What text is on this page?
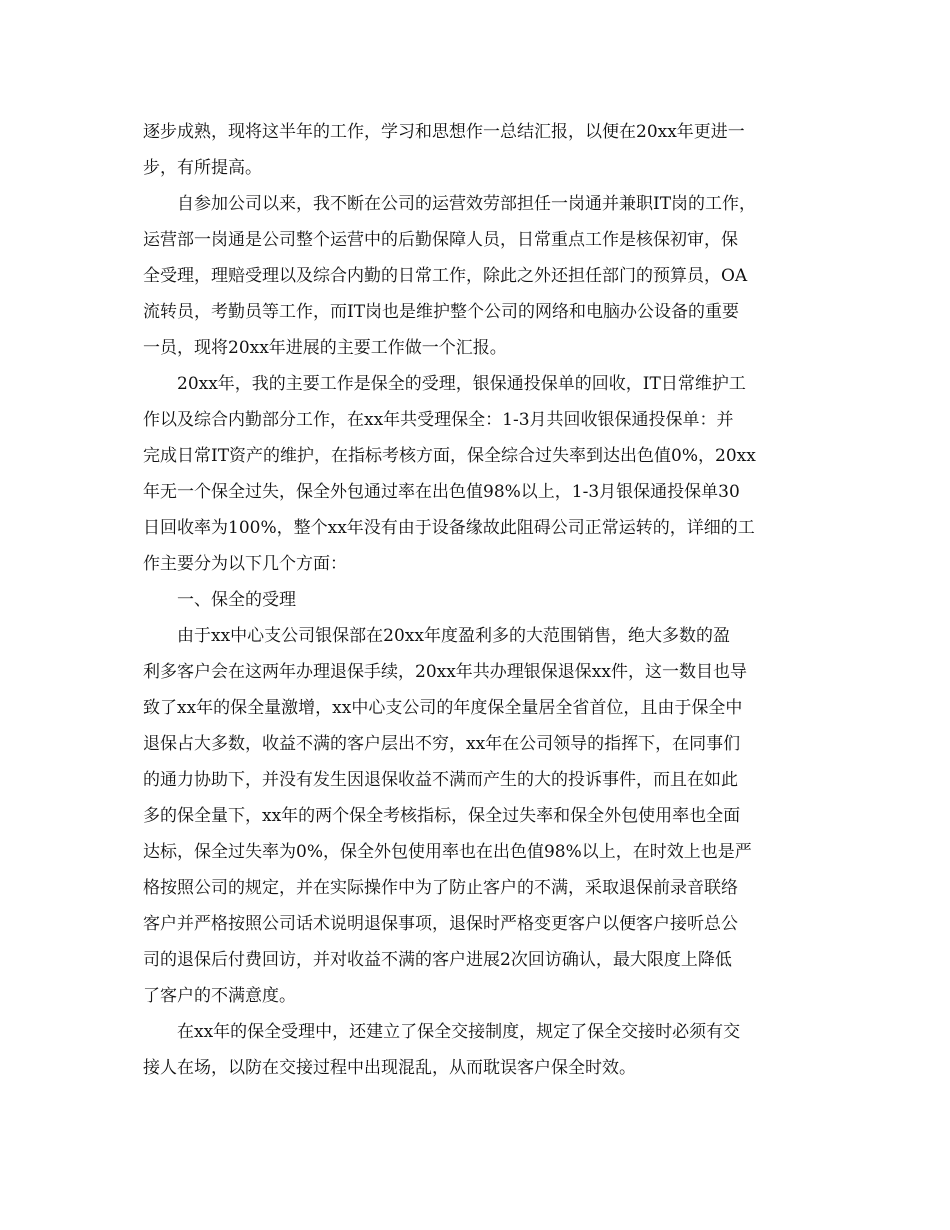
逐步成熟，现将这半年的工作，学习和思想作一总结汇报，以便在20xx年更进一
步，有所提高。
自参加公司以来，我不断在公司的运营效劳部担任一岗通并兼职IT岗的工作，
运营部一岗通是公司整个运营中的后勤保障人员，日常重点工作是核保初审，保
全受理，理赔受理以及综合内勤的日常工作，除此之外还担任部门的预算员，OA
流转员，考勤员等工作，而IT岗也是维护整个公司的网络和电脑办公设备的重要
一员，现将20xx年进展的主要工作做一个汇报。
20xx年，我的主要工作是保全的受理，银保通投保单的回收，IT日常维护工
作以及综合内勤部分工作，在xx年共受理保全：1-3月共回收银保通投保单：并
完成日常IT资产的维护，在指标考核方面，保全综合过失率到达出色值0%，20xx
年无一个保全过失，保全外包通过率在出色值98%以上，1-3月银保通投保单30
日回收率为100%，整个xx年没有由于设备缘故此阻碍公司正常运转的，详细的工
作主要分为以下几个方面：
一、保全的受理
由于xx中心支公司银保部在20xx年度盈利多的大范围销售，绝大多数的盈
利多客户会在这两年办理退保手续，20xx年共办理银保退保xx件，这一数目也导
致了xx年的保全量激增，xx中心支公司的年度保全量居全省首位，且由于保全中
退保占大多数，收益不满的客户层出不穷，xx年在公司领导的指挥下，在同事们
的通力协助下，并没有发生因退保收益不满而产生的大的投诉事件，而且在如此
多的保全量下，xx年的两个保全考核指标，保全过失率和保全外包使用率也全面
达标，保全过失率为0%，保全外包使用率也在出色值98%以上，在时效上也是严
格按照公司的规定，并在实际操作中为了防止客户的不满，采取退保前录音联络
客户并严格按照公司话术说明退保事项，退保时严格变更客户以便客户接听总公
司的退保后付费回访，并对收益不满的客户进展2次回访确认，最大限度上降低
了客户的不满意度。
在xx年的保全受理中，还建立了保全交接制度，规定了保全交接时必须有交
接人在场，以防在交接过程中出现混乱，从而耽误客户保全时效。
